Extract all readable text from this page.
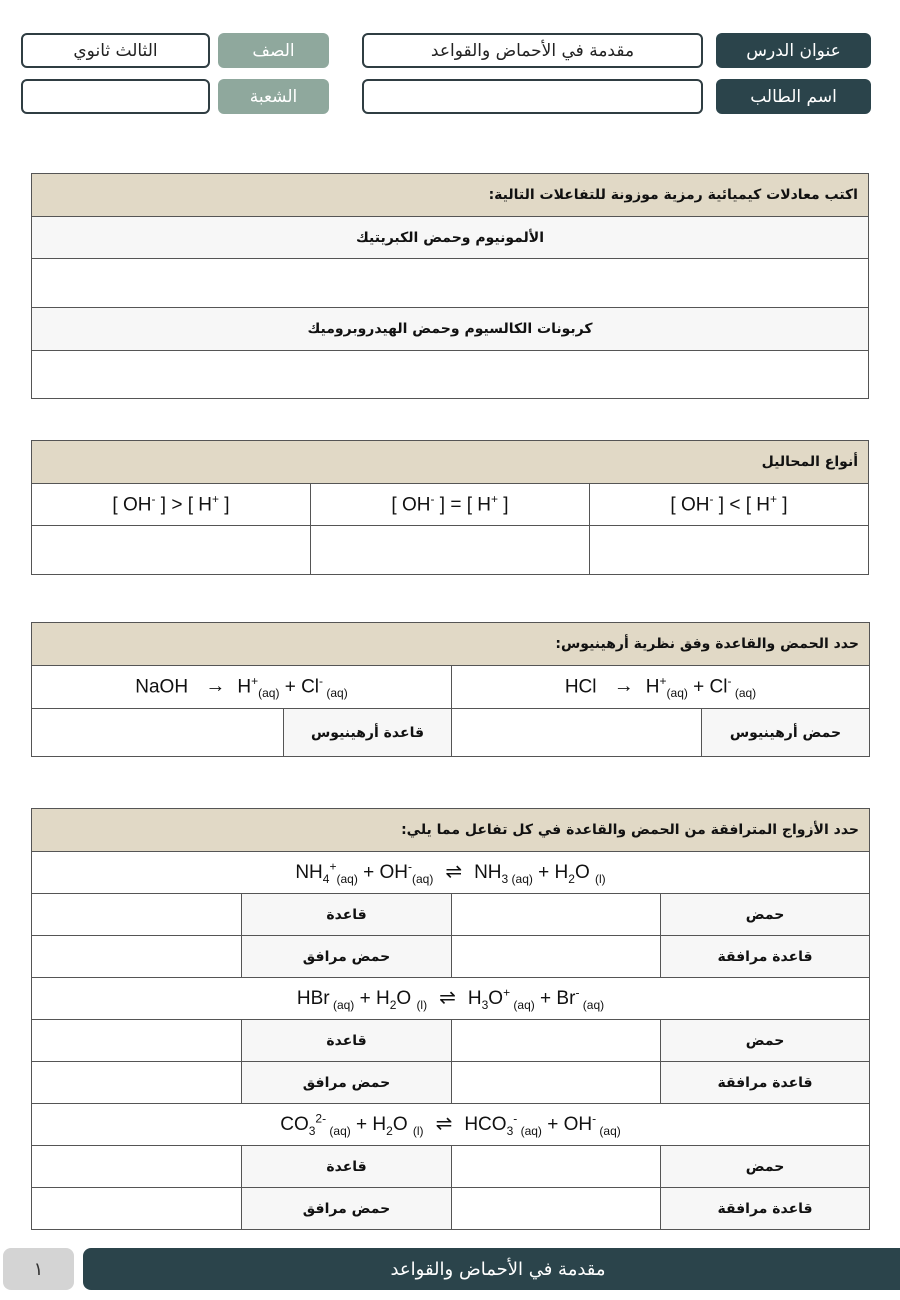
عنوان الدرس
مقدمة في الأحماض والقواعد
الصف
الثالث ثانوي
اسم الطالب
الشعبة
اكتب معادلات كيميائية رمزية موزونة للتفاعلات التالية:
الألمونيوم وحمض الكبريتيك

كربونات الكالسيوم وحمض الهيدروبروميك

أنواع المحاليل		
[ OH- ] < [ H+ ]	[ OH- ] = [ H+ ]	[ OH- ] > [ H+ ]

حدد الحمض والقاعدة وفق نظرية أرهينيوس:			
HCl → $H^+_{(aq)} + Cl^-$ $_{(aq)}$		NaOH → $H^+_{(aq)} + Cl^-$ $_{(aq)}$
حمض أرهينيوس		قاعدة أرهينيوس	
حدد الأزواج المترافقة من الحمض والقاعدة في كل تفاعل مما يلي:			
$NH_4^+_{(aq)} + OH^-_{(aq)}$ ⇌ $NH_{3 (aq)} + H_2O$ $_{(l)}$
حمض		قاعدة	
قاعدة مرافقة		حمض مرافق	
HBr $_{(aq)} + H_2O$ $_{(l)}$ ⇌ $H_3O^+$ $_{(aq)}$ + Br- $_{(aq)}$
حمض		قاعدة	
قاعدة مرافقة		حمض مرافق	
$CO_3^{2-}$ $_{(aq)} + H_2O$ $_{(l)}$ ⇌ $HCO_3^-$ $_{(aq)}$ + OH- $_{(aq)}$
حمض		قاعدة	
قاعدة مرافقة		حمض مرافق	
مقدمة في الأحماض والقواعد
١
